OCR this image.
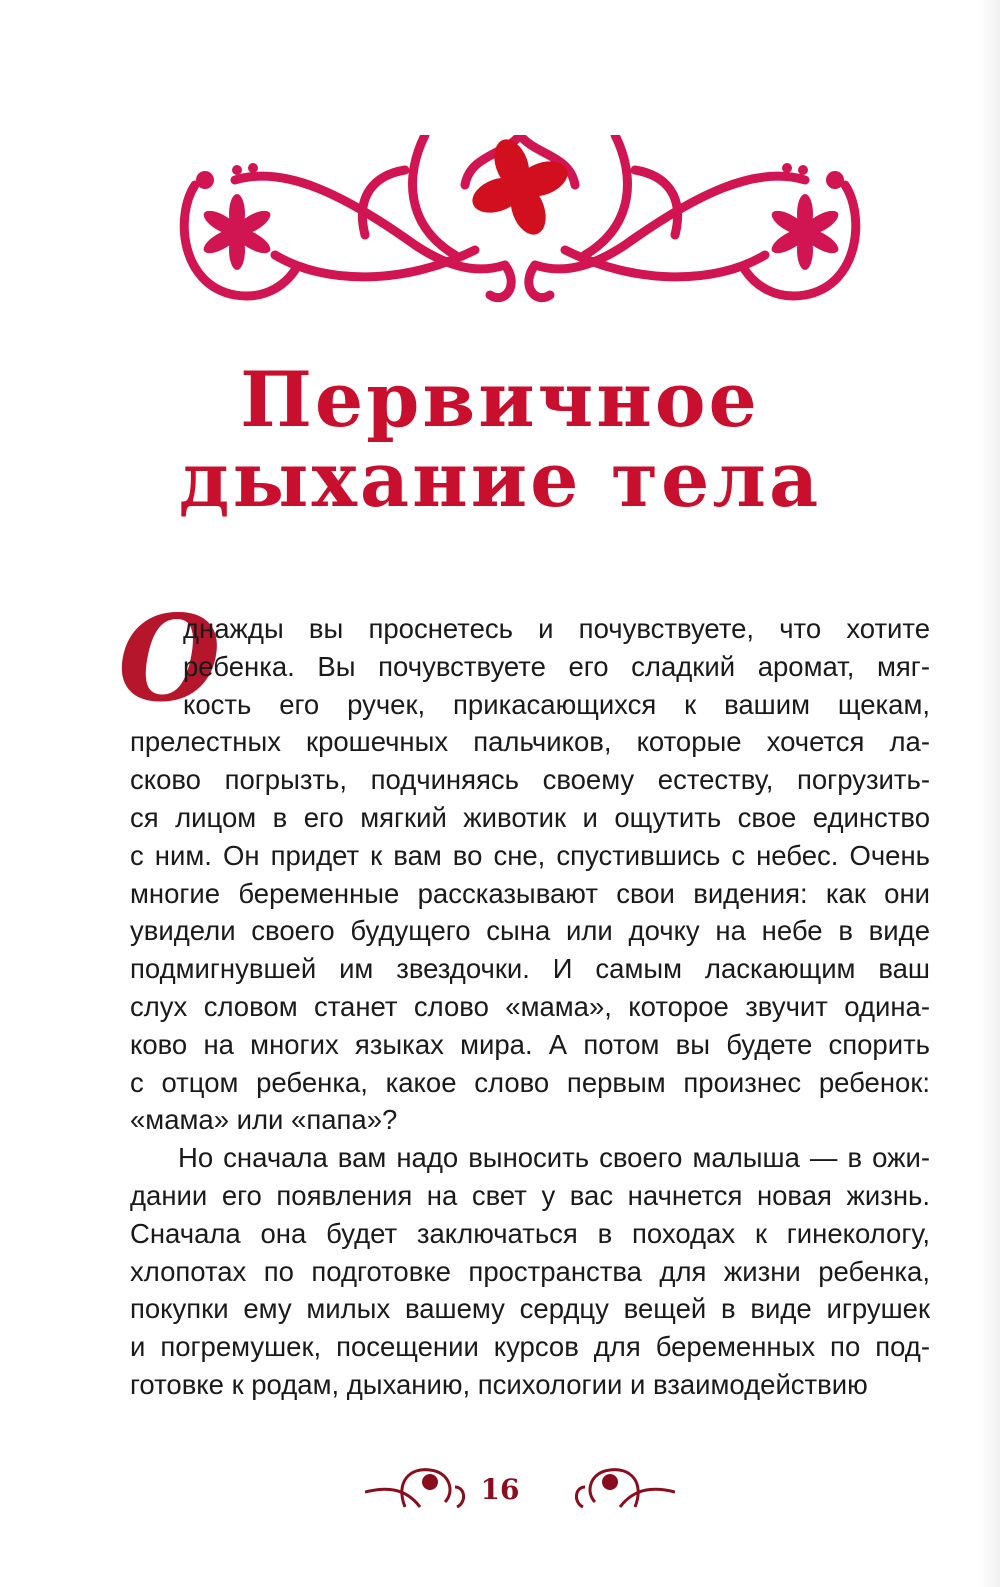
Первичное
дыхание тела
О
днажды вы проснетесь и почувствуете, что хотите
ребенка. Вы почувствуете его сладкий аромат, мяг-
кость его ручек, прикасающихся к вашим щекам,
прелестных крошечных пальчиков, которые хочется ла-
сково погрызть, подчиняясь своему естеству, погрузить-
ся лицом в его мягкий животик и ощутить свое единство
с ним. Он придет к вам во сне, спустившись с небес. Очень
многие беременные рассказывают свои видения: как они
увидели своего будущего сына или дочку на небе в виде
подмигнувшей им звездочки. И самым ласкающим ваш
слух словом станет слово «мама», которое звучит одина-
ково на многих языках мира. А потом вы будете спорить
с отцом ребенка, какое слово первым произнес ребенок:
«мама» или «папа»?
Но сначала вам надо выносить своего малыша — в ожи-
дании его появления на свет у вас начнется новая жизнь.
Сначала она будет заключаться в походах к гинекологу,
хлопотах по подготовке пространства для жизни ребенка,
покупки ему милых вашему сердцу вещей в виде игрушек
и погремушек, посещении курсов для беременных по под-
готовке к родам, дыханию, психологии и взаимодействию
16
